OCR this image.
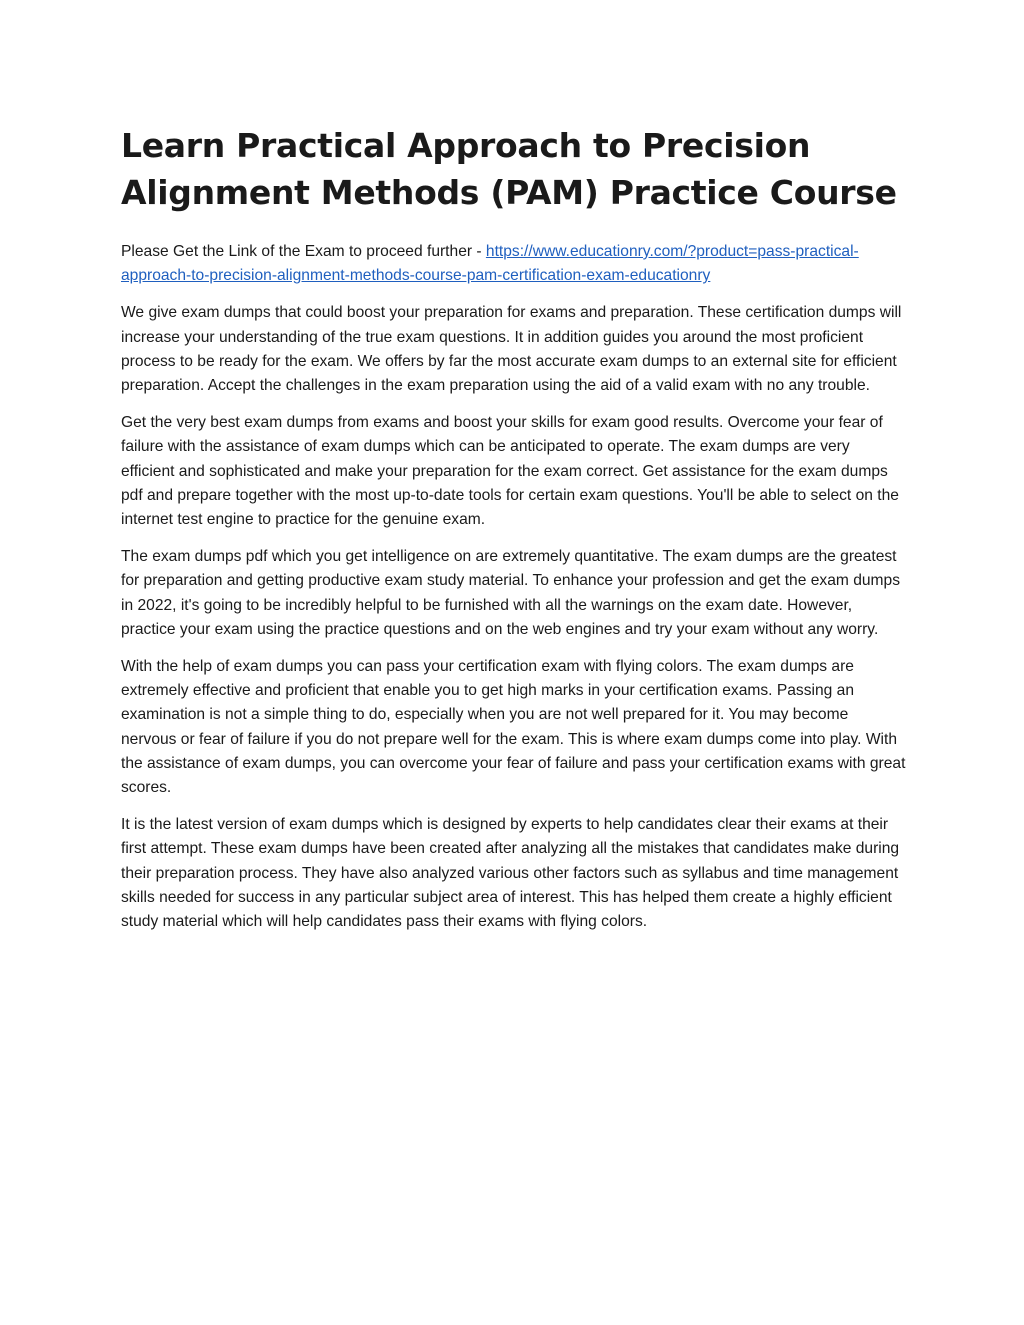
Learn Practical Approach to Precision Alignment Methods (PAM) Practice Course

Please Get the Link of the Exam to proceed further - https://www.educationry.com/?product=pass-practical-approach-to-precision-alignment-methods-course-pam-certification-exam-educationry

We give exam dumps that could boost your preparation for exams and preparation. These certification dumps will increase your understanding of the true exam questions. It in addition guides you around the most proficient process to be ready for the exam. We offers by far the most accurate exam dumps to an external site for efficient preparation. Accept the challenges in the exam preparation using the aid of a valid exam with no any trouble.

Get the very best exam dumps from exams and boost your skills for exam good results. Overcome your fear of failure with the assistance of exam dumps which can be anticipated to operate. The exam dumps are very efficient and sophisticated and make your preparation for the exam correct. Get assistance for the exam dumps pdf and prepare together with the most up-to-date tools for certain exam questions. You'll be able to select on the internet test engine to practice for the genuine exam.

The exam dumps pdf which you get intelligence on are extremely quantitative. The exam dumps are the greatest for preparation and getting productive exam study material. To enhance your profession and get the exam dumps in 2022, it's going to be incredibly helpful to be furnished with all the warnings on the exam date. However, practice your exam using the practice questions and on the web engines and try your exam without any worry.

With the help of exam dumps you can pass your certification exam with flying colors. The exam dumps are extremely effective and proficient that enable you to get high marks in your certification exams. Passing an examination is not a simple thing to do, especially when you are not well prepared for it. You may become nervous or fear of failure if you do not prepare well for the exam. This is where exam dumps come into play. With the assistance of exam dumps, you can overcome your fear of failure and pass your certification exams with great scores.

It is the latest version of exam dumps which is designed by experts to help candidates clear their exams at their first attempt. These exam dumps have been created after analyzing all the mistakes that candidates make during their preparation process. They have also analyzed various other factors such as syllabus and time management skills needed for success in any particular subject area of interest. This has helped them create a highly efficient study material which will help candidates pass their exams with flying colors.
